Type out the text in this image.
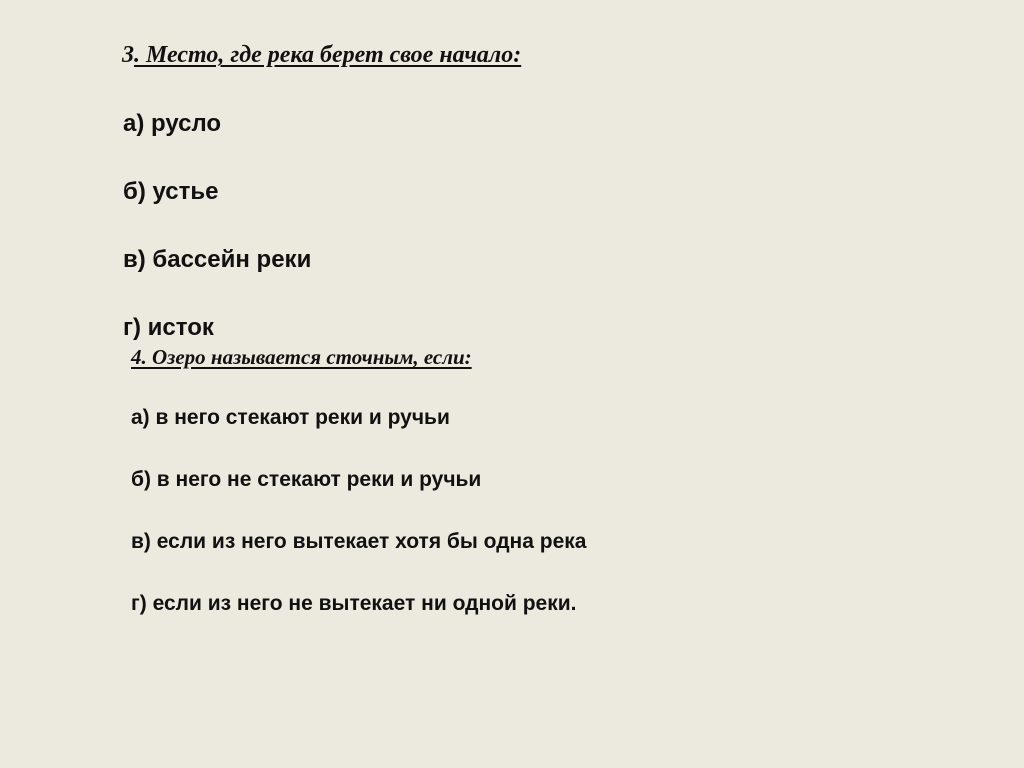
3. Место, где река берет свое начало:
а) русло
б) устье
в) бассейн реки
г) исток
4. Озеро называется сточным, если:
а) в него стекают реки и ручьи
б) в него не стекают реки и ручьи
в) если из него вытекает хотя бы одна река
г) если из него не вытекает ни одной реки.
